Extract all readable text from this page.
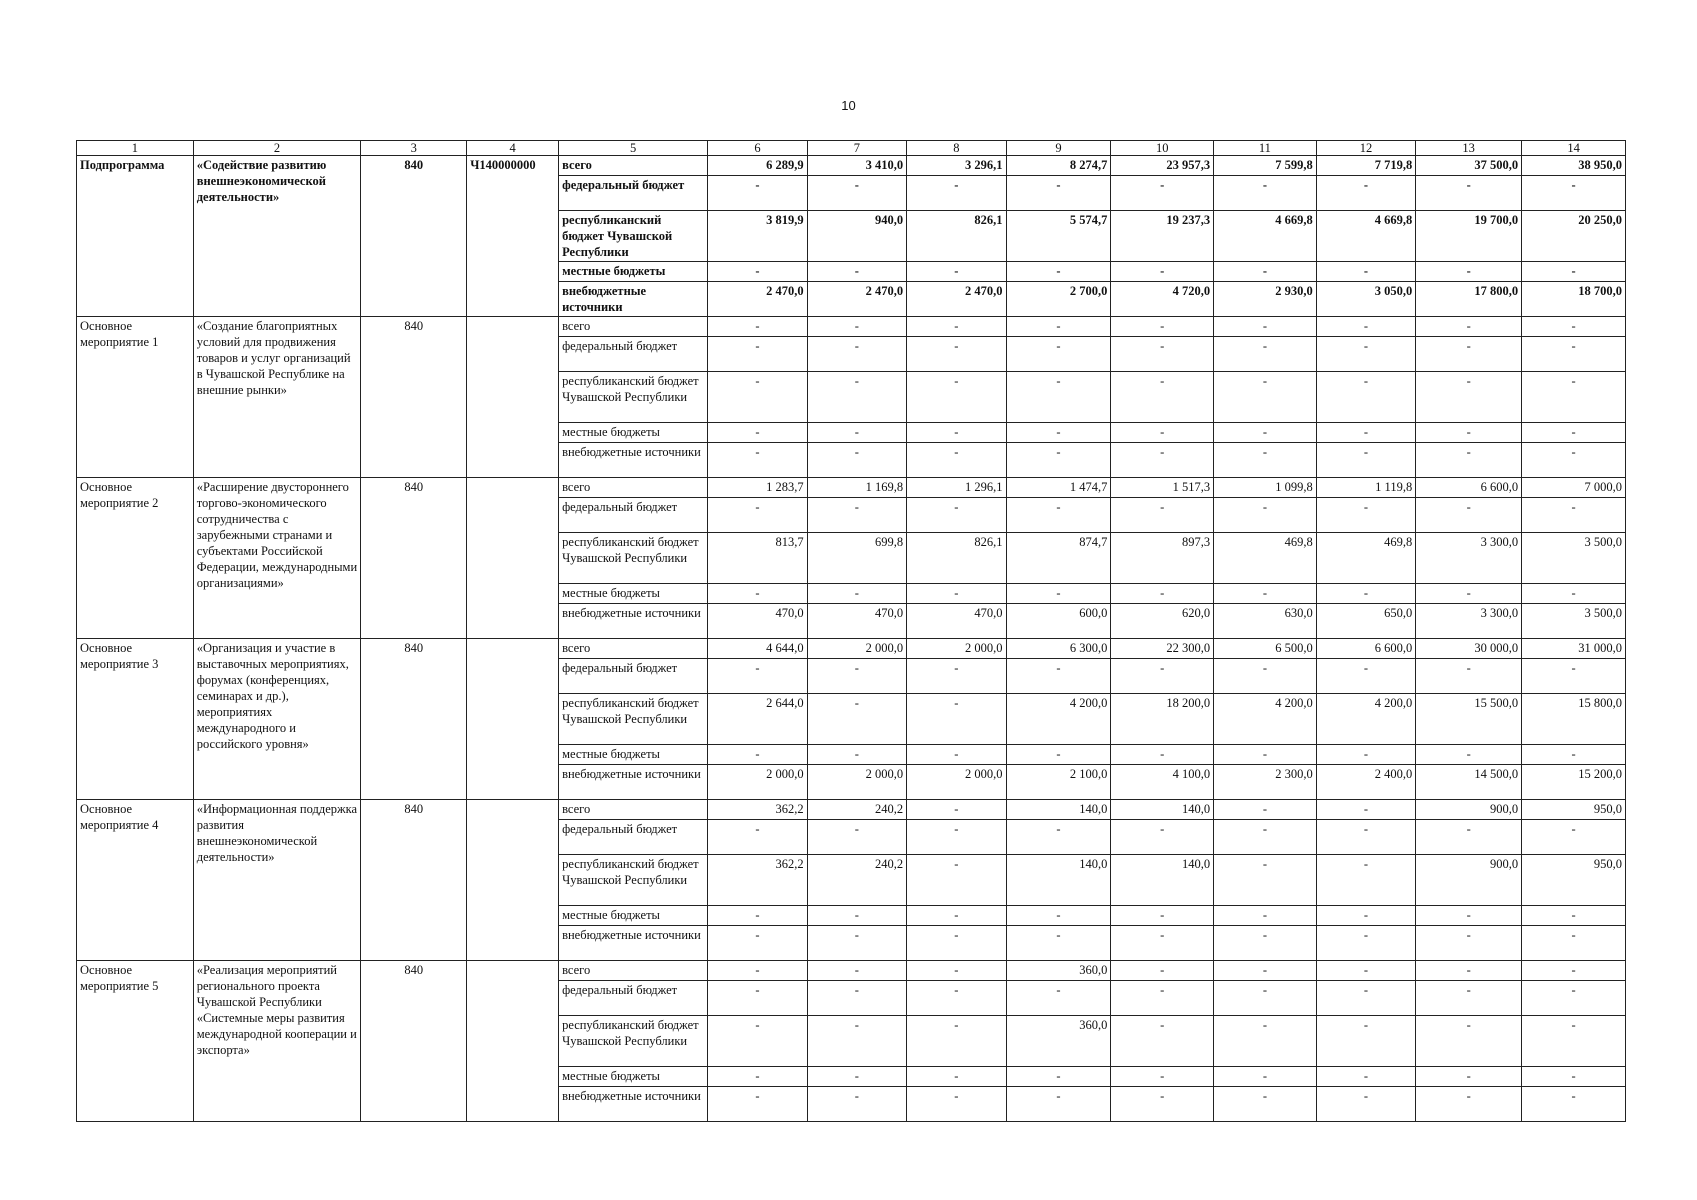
10
1	2	3	4	5	6	7	8	9	10	11	12	13	14
Подпрограмма	«Содействие развитию внешнеэкономической деятельности»	840	Ч140000000	всего	6 289,9	3 410,0	3 296,1	8 274,7	23 957,3	7 599,8	7 719,8	37 500,0	38 950,0
				федеральный бюджет	-	-	-	-	-	-	-	-	-
				республиканский бюджет Чувашской Республики	3 819,9	940,0	826,1	5 574,7	19 237,3	4 669,8	4 669,8	19 700,0	20 250,0
				местные бюджеты	-	-	-	-	-	-	-	-	-
				внебюджетные источники	2 470,0	2 470,0	2 470,0	2 700,0	4 720,0	2 930,0	3 050,0	17 800,0	18 700,0
Основное мероприятие 1	«Создание благоприятных условий для продвижения товаров и услуг организаций в Чувашской Республике на внешние рынки»	840		всего	-	-	-	-	-	-	-	-	-
				федеральный бюджет	-	-	-	-	-	-	-	-	-
				республиканский бюджет Чувашской Республики	-	-	-	-	-	-	-	-	-
				местные бюджеты	-	-	-	-	-	-	-	-	-
				внебюджетные источники	-	-	-	-	-	-	-	-	-
Основное мероприятие 2	«Расширение двустороннего торгово-экономического сотрудничества с зарубежными странами и субъектами Российской Федерации, международными организациями»	840		всего	1 283,7	1 169,8	1 296,1	1 474,7	1 517,3	1 099,8	1 119,8	6 600,0	7 000,0
				федеральный бюджет	-	-	-	-	-	-	-	-	-
				республиканский бюджет Чувашской Республики	813,7	699,8	826,1	874,7	897,3	469,8	469,8	3 300,0	3 500,0
				местные бюджеты	-	-	-	-	-	-	-	-	-
				внебюджетные источники	470,0	470,0	470,0	600,0	620,0	630,0	650,0	3 300,0	3 500,0
Основное мероприятие 3	«Организация и участие в выставочных мероприятиях, форумах (конференциях, семинарах и др.), мероприятиях международного и российского уровня»	840		всего	4 644,0	2 000,0	2 000,0	6 300,0	22 300,0	6 500,0	6 600,0	30 000,0	31 000,0
				федеральный бюджет	-	-	-	-	-	-	-	-	-
				республиканский бюджет Чувашской Республики	2 644,0	-	-	4 200,0	18 200,0	4 200,0	4 200,0	15 500,0	15 800,0
				местные бюджеты	-	-	-	-	-	-	-	-	-
				внебюджетные источники	2 000,0	2 000,0	2 000,0	2 100,0	4 100,0	2 300,0	2 400,0	14 500,0	15 200,0
Основное мероприятие 4	«Информационная поддержка развития внешнеэкономической деятельности»	840		всего	362,2	240,2	-	140,0	140,0	-	-	900,0	950,0
				федеральный бюджет	-	-	-	-	-	-	-	-	-
				республиканский бюджет Чувашской Республики	362,2	240,2	-	140,0	140,0	-	-	900,0	950,0
				местные бюджеты	-	-	-	-	-	-	-	-	-
				внебюджетные источники	-	-	-	-	-	-	-	-	-
Основное мероприятие 5	«Реализация мероприятий регионального проекта Чувашской Республики «Системные меры развития международной кооперации и экспорта»	840		всего	-	-	-	360,0	-	-	-	-	-
				федеральный бюджет	-	-	-	-	-	-	-	-	-
				республиканский бюджет Чувашской Республики	-	-	-	360,0	-	-	-	-	-
				местные бюджеты	-	-	-	-	-	-	-	-	-
				внебюджетные источники	-	-	-	-	-	-	-	-	-
